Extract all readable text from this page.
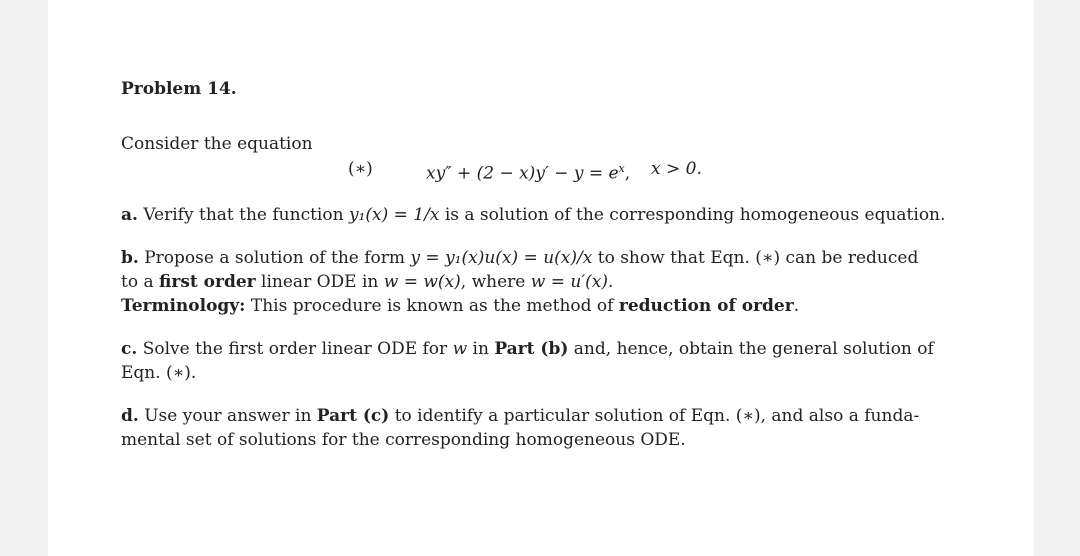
Problem 14.
Consider the equation
(∗)	$xy'' + (2 - x)y' - y = e^x$, x > 0.

a. Verify that the function y₁(x) = 1/x is a solution of the corresponding homogeneous equation.

b. Propose a solution of the form y = y₁(x)u(x) = u(x)/x to show that Eqn. (∗) can be reduced
to a first order linear ODE in w = w(x), where w = u′(x).
Terminology: This procedure is known as the method of reduction of order.

c. Solve the first order linear ODE for w in Part (b) and, hence, obtain the general solution of
Eqn. (∗).

d. Use your answer in Part (c) to identify a particular solution of Eqn. (∗), and also a funda-
mental set of solutions for the corresponding homogeneous ODE.
